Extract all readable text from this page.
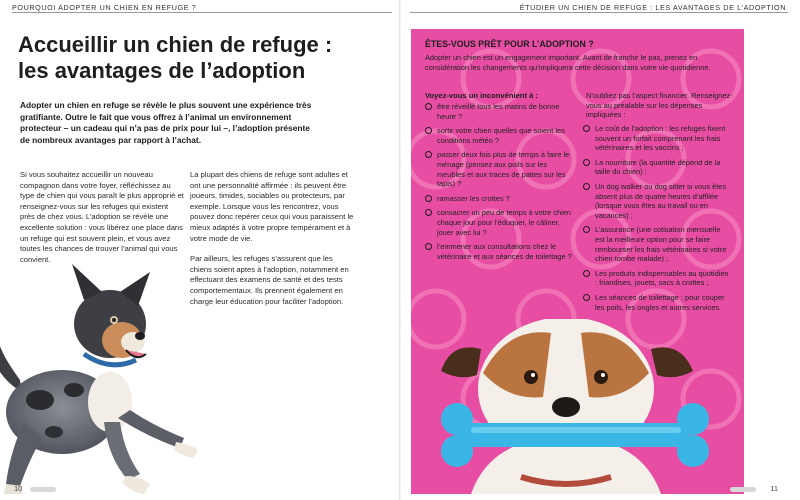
POURQUOI ADOPTER UN CHIEN EN REFUGE ?	ÉTUDIER UN CHIEN DE REFUGE : LES AVANTAGES DE L'ADOPTION
Accueillir un chien de refuge :
les avantages de l’adoption

Adopter un chien en refuge se révèle le plus souvent une expérience très gratifiante. Outre le fait que vous offrez à l’animal un environnement protecteur – un cadeau qui n’a pas de prix pour lui –, l’adoption présente de nombreux avantages par rapport à l’achat.

Si vous souhaitez accueillir un nouveau compagnon dans votre foyer, réfléchissez au type de chien qui vous paraît le plus approprié et renseignez-vous sur les refuges qui existent près de chez vous. L’adoption se révèle une excellente solution : vous libérez une place dans un refuge qui est souvent plein, et vous avez toutes les chances de trouver l’animal qui vous convient.

La plupart des chiens de refuge sont adultes et ont une personnalité affirmée : ils peuvent être joueurs, timides, sociables ou protecteurs, par exemple. Lorsque vous les rencontrez, vous pouvez donc repérer ceux qui vous paraissent le mieux adaptés à votre propre tempérament et à votre mode de vie.

Par ailleurs, les refuges s’assurent que les chiens soient aptes à l’adoption, notamment en effectuant des examens de santé et des tests comportementaux. Ils prennent également en charge leur éducation pour faciliter l’adoption.

10
ÊTES-VOUS PRÊT POUR L’ADOPTION ?

Adopter un chien est un engagement important. Avant de franchir le pas, prenez en considération les changements qu’impliquera cette décision dans votre vie quotidienne.

Voyez-vous un inconvénient à :	N’oubliez pas l’aspect financier. Renseignez-vous au préalable sur les dépenses impliquées :

être réveillé tous les matins de bonne heure ?
sortir votre chien quelles que soient les conditions météo ?
passer deux fois plus de temps à faire le ménage (pensez aux poils sur les meubles et aux traces de pattes sur les tapis) ?
ramasser les crottes ?
consacrer un peu de temps à votre chien chaque jour pour l’éduquer, le câliner, jouer avec lui ?
l’emmener aux consultations chez le vétérinaire et aux séances de toilettage ?
Le coût de l’adoption : les refuges fixent souvent un forfait comprenant les frais vétérinaires et les vaccins ;
La nourriture (la quantité dépend de la taille du chien) ;
Un dog walker ou dog sitter si vous êtes absent plus de quatre heures d’affilée (lorsque vous êtes au travail ou en vacances) ;
L’assurance (une cotisation mensuelle est la meilleure option pour se faire rembourser les frais vétérinaires si votre chien tombe malade) ;
Les produits indispensables au quotidien : friandises, jouets, sacs à crottes ;
Les séances de toilettage : pour couper les poils, les ongles et autres services.
11
